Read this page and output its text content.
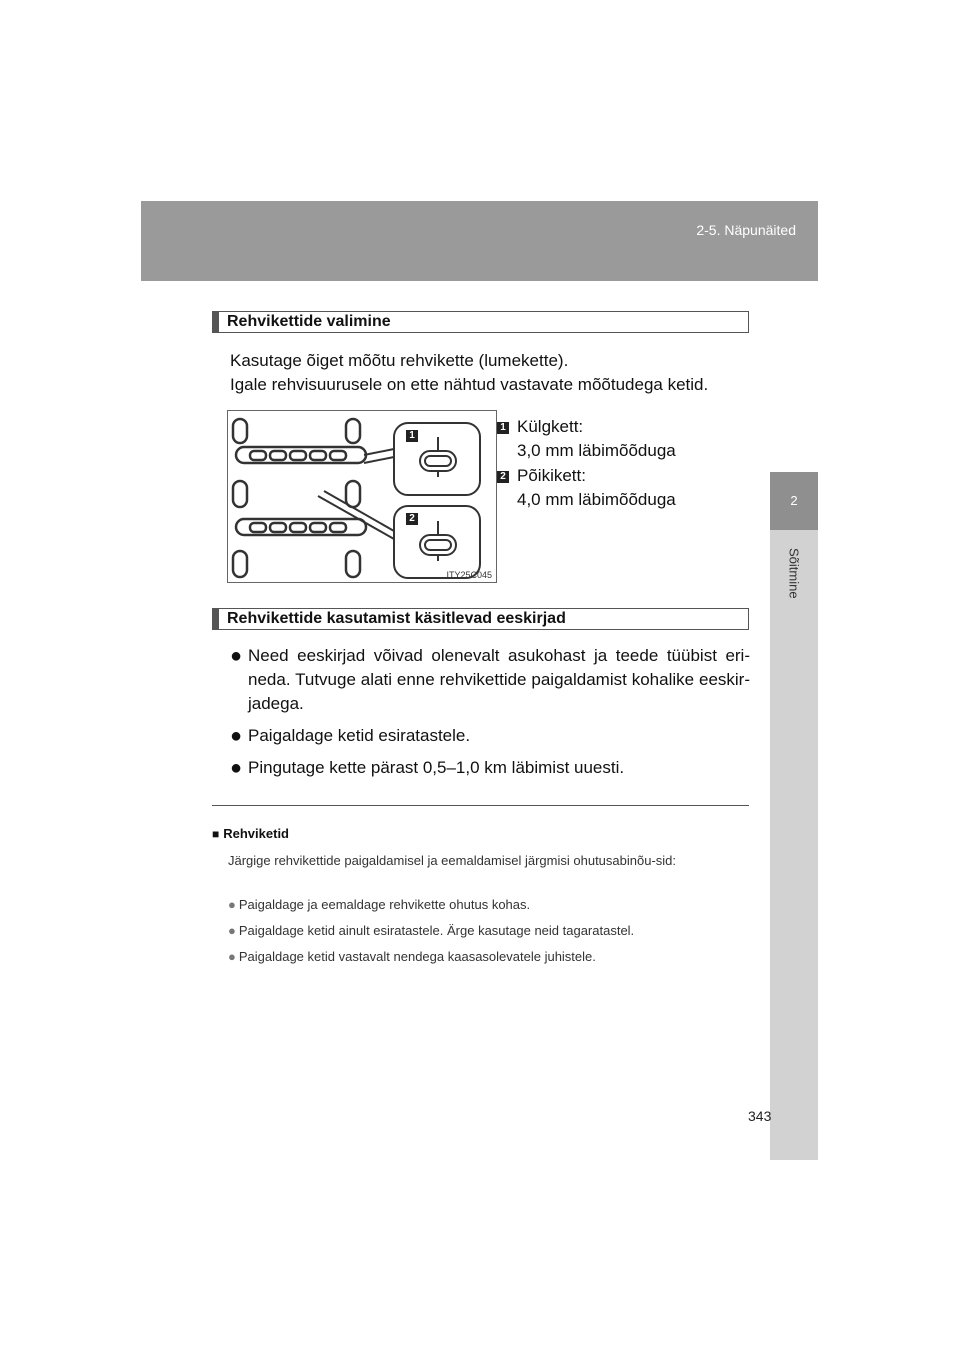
2-5. Näpunäited
2
Sõitmine
Rehvikettide valimine
Kasutage õiget mõõtu rehvikette (lumekette).
Igale rehvisuurusele on ette nähtud vastavate mõõtudega ketid.
1
2
ITY25C045
1 Külgkett:
3,0 mm läbimõõduga
2 Põikikett:
4,0 mm läbimõõduga
Rehvikettide kasutamist käsitlevad eeskirjad
● Need eeskirjad võivad olenevalt asukohast ja teede tüübist eri-neda. Tutvuge alati enne rehvikettide paigaldamist kohalike eeskir-jadega.
● Paigaldage ketid esiratastele.
● Pingutage kette pärast 0,5–1,0 km läbimist uuesti.
■ Rehviketid
Järgige rehvikettide paigaldamisel ja eemaldamisel järgmisi ohutusabinõu-sid:
● Paigaldage ja eemaldage rehvikette ohutus kohas.
● Paigaldage ketid ainult esiratastele. Ärge kasutage neid tagaratastel.
● Paigaldage ketid vastavalt nendega kaasasolevatele juhistele.
343
